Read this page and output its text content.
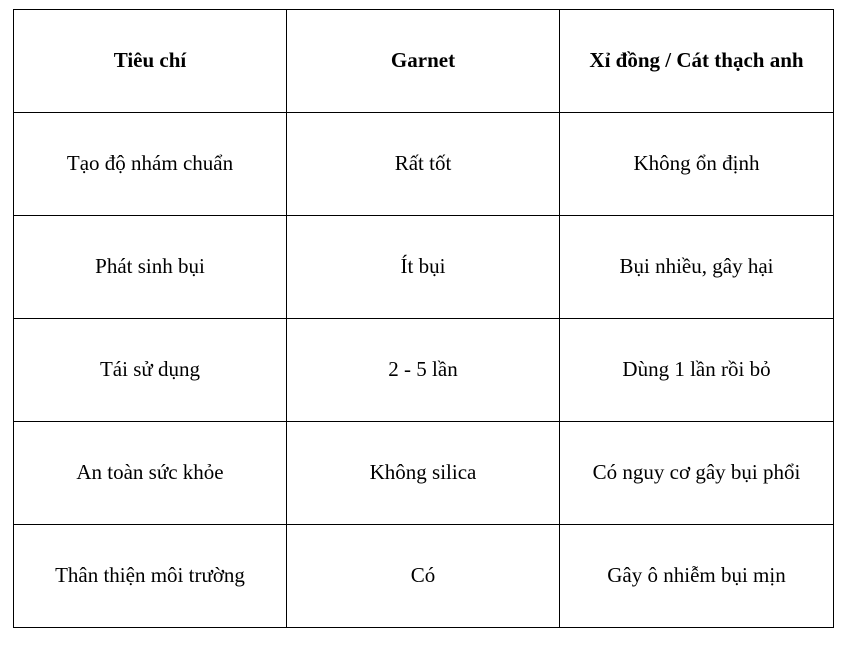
Tiêu chí	Garnet	Xỉ đồng / Cát thạch anh
Tạo độ nhám chuẩn	Rất tốt	Không ổn định
Phát sinh bụi	Ít bụi	Bụi nhiều, gây hại
Tái sử dụng	2 - 5 lần	Dùng 1 lần rồi bỏ
An toàn sức khỏe	Không silica	Có nguy cơ gây bụi phổi
Thân thiện môi trường	Có	Gây ô nhiễm bụi mịn
